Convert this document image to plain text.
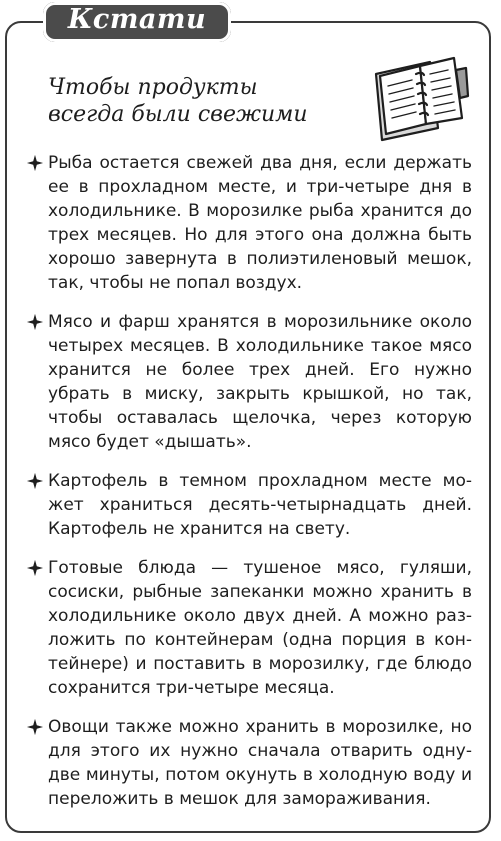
Кстати
Чтобы продукты
всегда были свежими
Рыба остается свежей два дня, если держать ее в прохладном месте, и три-четыре дня в холодильнике. В морозилке рыба хранится до трех месяцев. Но для этого она должна быть хорошо завернута в полиэтиленовый мешок, так, чтобы не попал воздух.
Мясо и фарш хранятся в морозильнике около четырех месяцев. В холодильнике такое мясо хранится не более трех дней. Его нужно убрать в миску, закрыть крышкой, но так, чтобы оставалась щелочка, через которую мясо будет «дышать».
Картофель в темном прохладном месте может храниться десять-четырнадцать дней. Картофель не хранится на свету.
Готовые блюда — тушеное мясо, гуляши, сосиски, рыбные запеканки можно хранить в холодильнике около двух дней. А можно разложить по контейнерам (одна порция в контейнере) и поставить в морозилку, где блюдо сохранится три-четыре месяца.
Овощи также можно хранить в морозилке, но для этого их нужно сначала отварить одну-две минуты, потом окунуть в холодную воду и переложить в мешок для замораживания.
